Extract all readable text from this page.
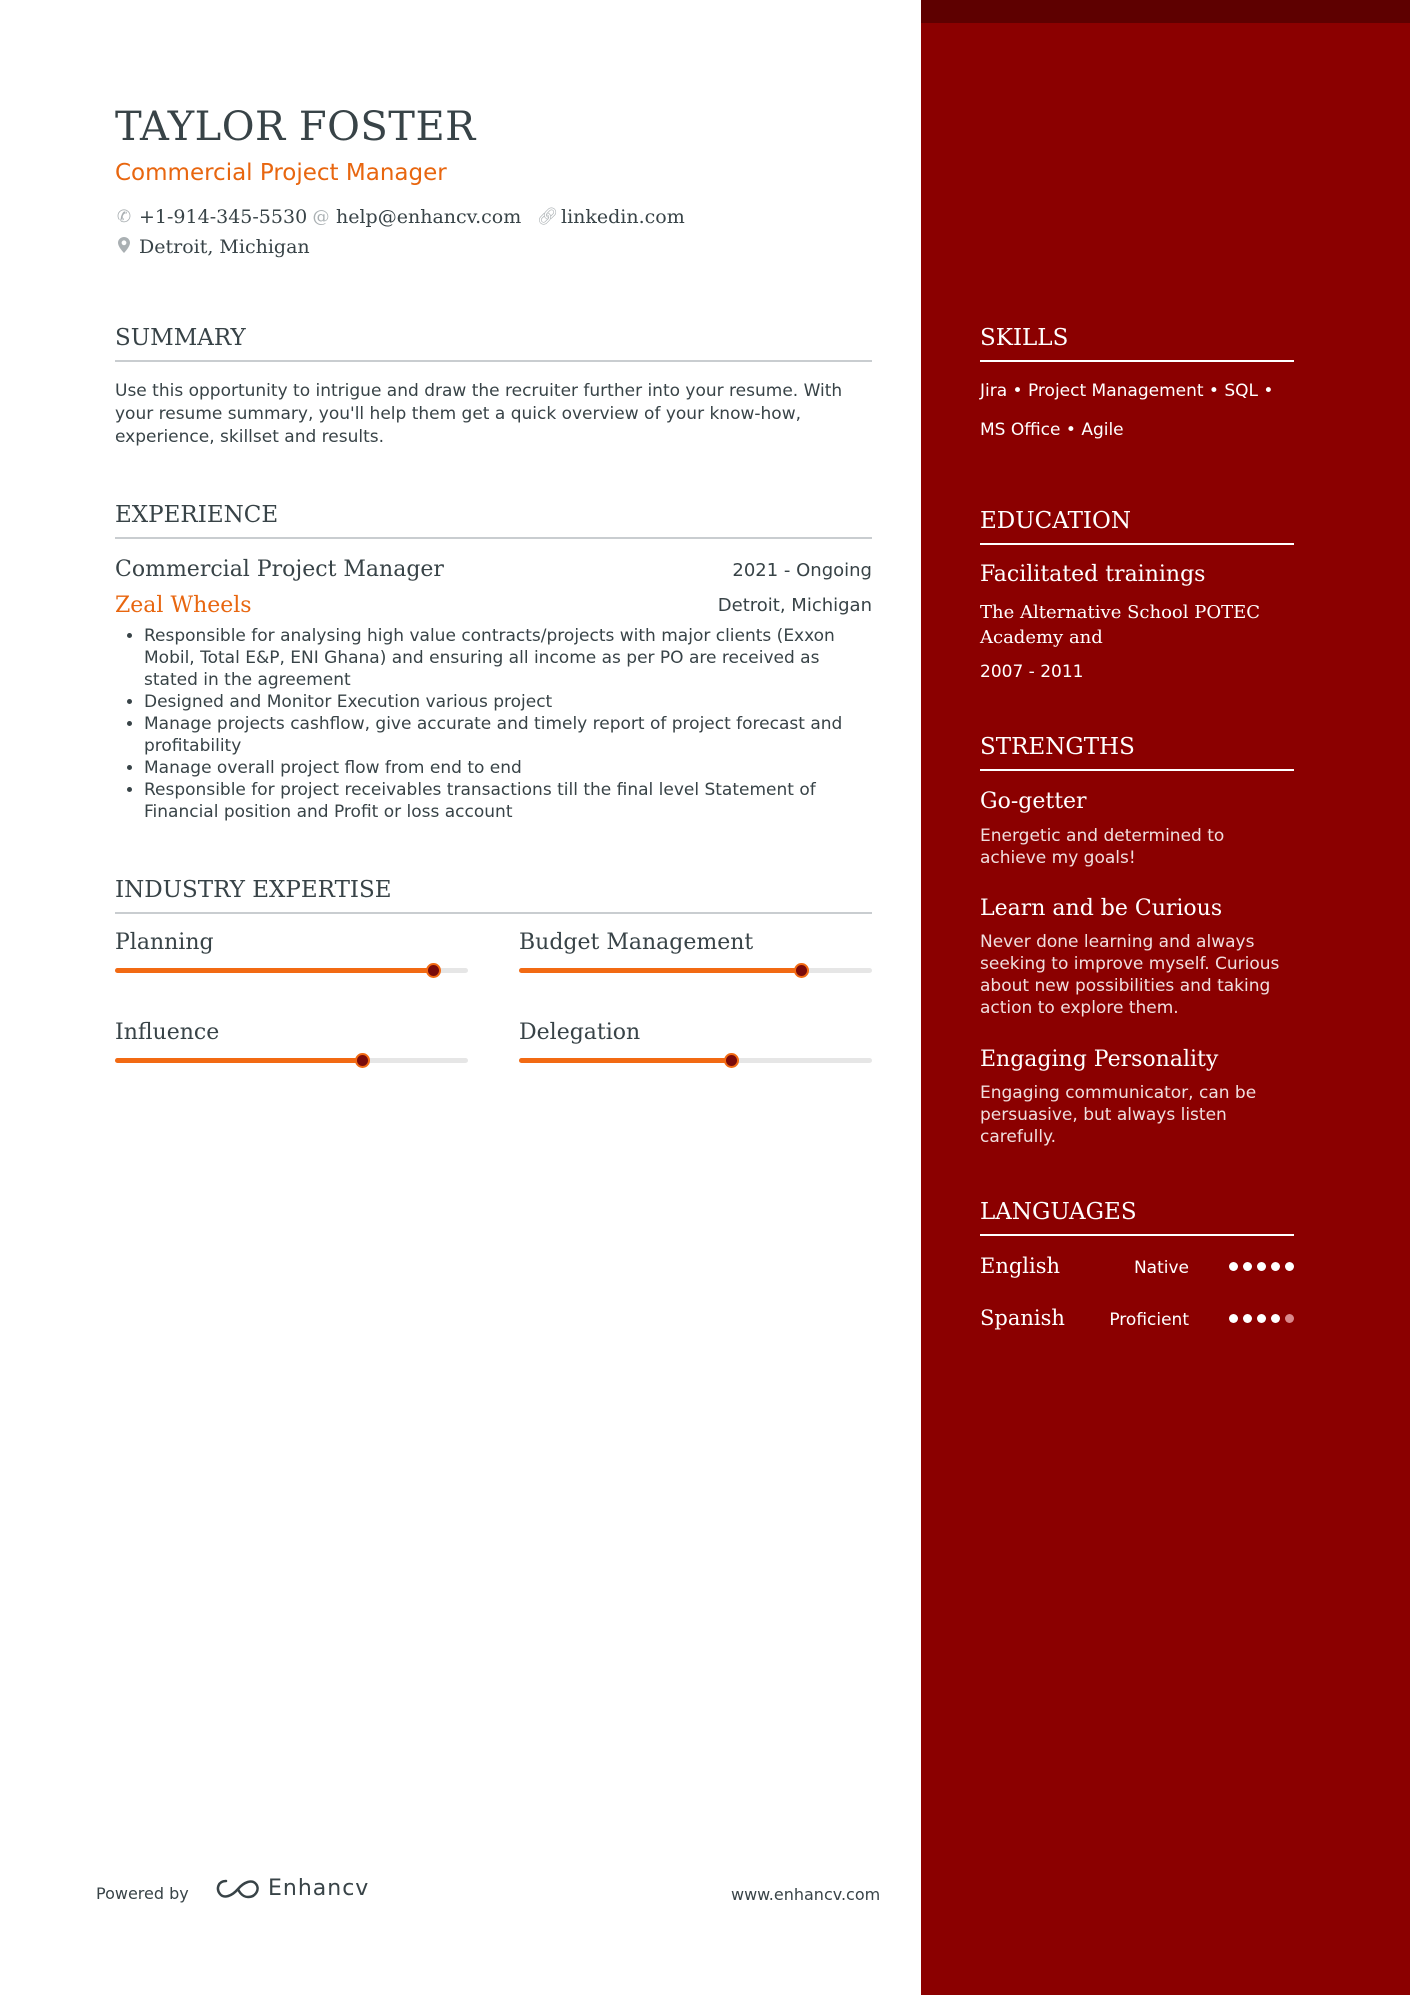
TAYLOR FOSTER
Commercial Project Manager
✆ +1-914-345-5530 @ help@enhancv.com 🔗︎ linkedin.com
Detroit, Michigan
SUMMARY

Use this opportunity to intrigue and draw the recruiter further into your resume. With your resume summary, you'll help them get a quick overview of your know-how, experience, skillset and results.

EXPERIENCE
Commercial Project Manager	2021 - Ongoing
Zeal Wheels	Detroit, Michigan
• Responsible for analysing high value contracts/projects with major clients (Exxon Mobil, Total E&P, ENI Ghana) and ensuring all income as per PO are received as stated in the agreement
• Designed and Monitor Execution various project
• Manage projects cashflow, give accurate and timely report of project forecast and profitability
• Manage overall project flow from end to end
• Responsible for project receivables transactions till the final level Statement of Financial position and Profit or loss account
INDUSTRY EXPERTISE
Planning	Budget Management
Influence	Delegation
Powered by	Enhancv	www.enhancv.com
SKILLS
Jira • Project Management • SQL •
MS Office • Agile
EDUCATION
Facilitated trainings
The Alternative School POTEC Academy and
2007 - 2011
STRENGTHS
Go-getter

Energetic and determined to achieve my goals!

Learn and be Curious

Never done learning and always seeking to improve myself. Curious about new possibilities and taking action to explore them.

Engaging Personality

Engaging communicator, can be persuasive, but always listen carefully.

LANGUAGES
English	Native
Spanish	Proficient
